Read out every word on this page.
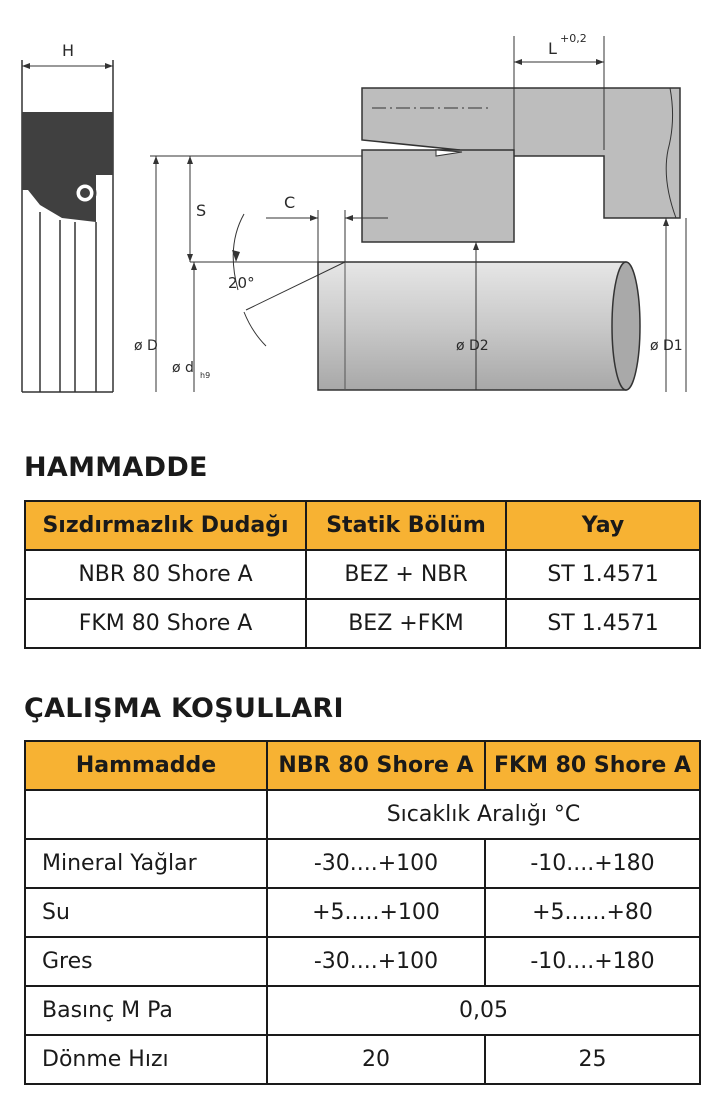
H	L
+0,2
S	C
20°
ø D
ø d h9
ø D2	ø D1
HAMMADDE
Sızdırmazlık Dudağı	Statik Bölüm	Yay
NBR 80 Shore A	BEZ + NBR	ST 1.4571
FKM 80 Shore A	BEZ +FKM	ST 1.4571
ÇALIŞMA KOŞULLARI
Hammadde	NBR 80 Shore A	FKM 80 Shore A
	Sıcaklık Aralığı °C	
Mineral Yağlar	-30....+100	-10....+180
Su	+5.....+100	+5......+80
Gres	-30....+100	-10....+180
Basınç M Pa	0,05	
Dönme Hızı	20	25
